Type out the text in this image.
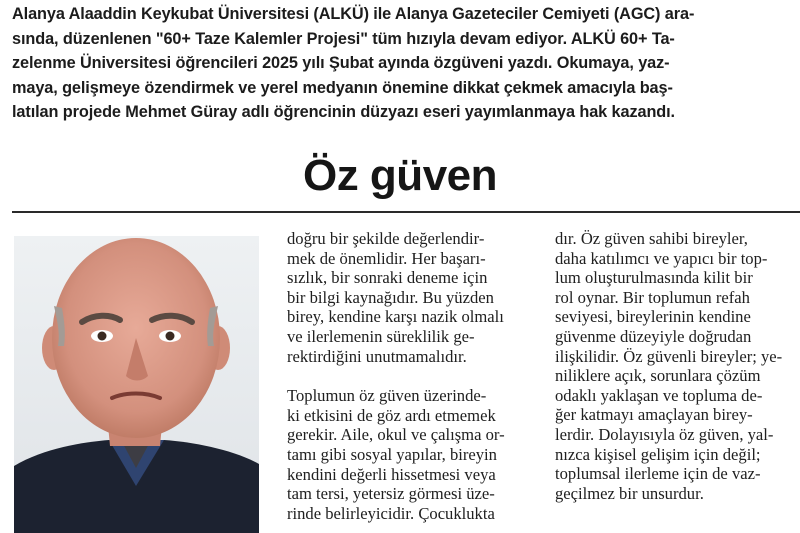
Alanya Alaaddin Keykubat Üniversitesi (ALKÜ) ile Alanya Gazeteciler Cemiyeti (AGC) ara-
sında, düzenlenen "60+ Taze Kalemler Projesi" tüm hızıyla devam ediyor. ALKÜ 60+ Ta-
zelenme Üniversitesi öğrencileri 2025 yılı Şubat ayında özgüveni yazdı. Okumaya, yaz-
maya, gelişmeye özendirmek ve yerel medyanın önemine dikkat çekmek amacıyla baş-
latılan projede Mehmet Güray adlı öğrencinin düzyazı eseri yayımlanmaya hak kazandı.
Öz güven
doğru bir şekilde değerlendir-
mek de önemlidir. Her başarı-
sızlık, bir sonraki deneme için
bir bilgi kaynağıdır. Bu yüzden
birey, kendine karşı nazik olmalı
ve ilerlemenin süreklilik ge-
rektirdiğini unutmamalıdır.
Toplumun öz güven üzerinde-
ki etkisini de göz ardı etmemek
gerekir. Aile, okul ve çalışma or-
tamı gibi sosyal yapılar, bireyin
kendini değerli hissetmesi veya
tam tersi, yetersiz görmesi üze-
rinde belirleyicidir. Çocuklukta
dır. Öz güven sahibi bireyler,
daha katılımcı ve yapıcı bir top-
lum oluşturulmasında kilit bir
rol oynar. Bir toplumun refah
seviyesi, bireylerinin kendine
güvenme düzeyiyle doğrudan
ilişkilidir. Öz güvenli bireyler; ye-
niliklere açık, sorunlara çözüm
odaklı yaklaşan ve topluma de-
ğer katmayı amaçlayan birey-
lerdir. Dolayısıyla öz güven, yal-
nızca kişisel gelişim için değil;
toplumsal ilerleme için de vaz-
geçilmez bir unsurdur.
